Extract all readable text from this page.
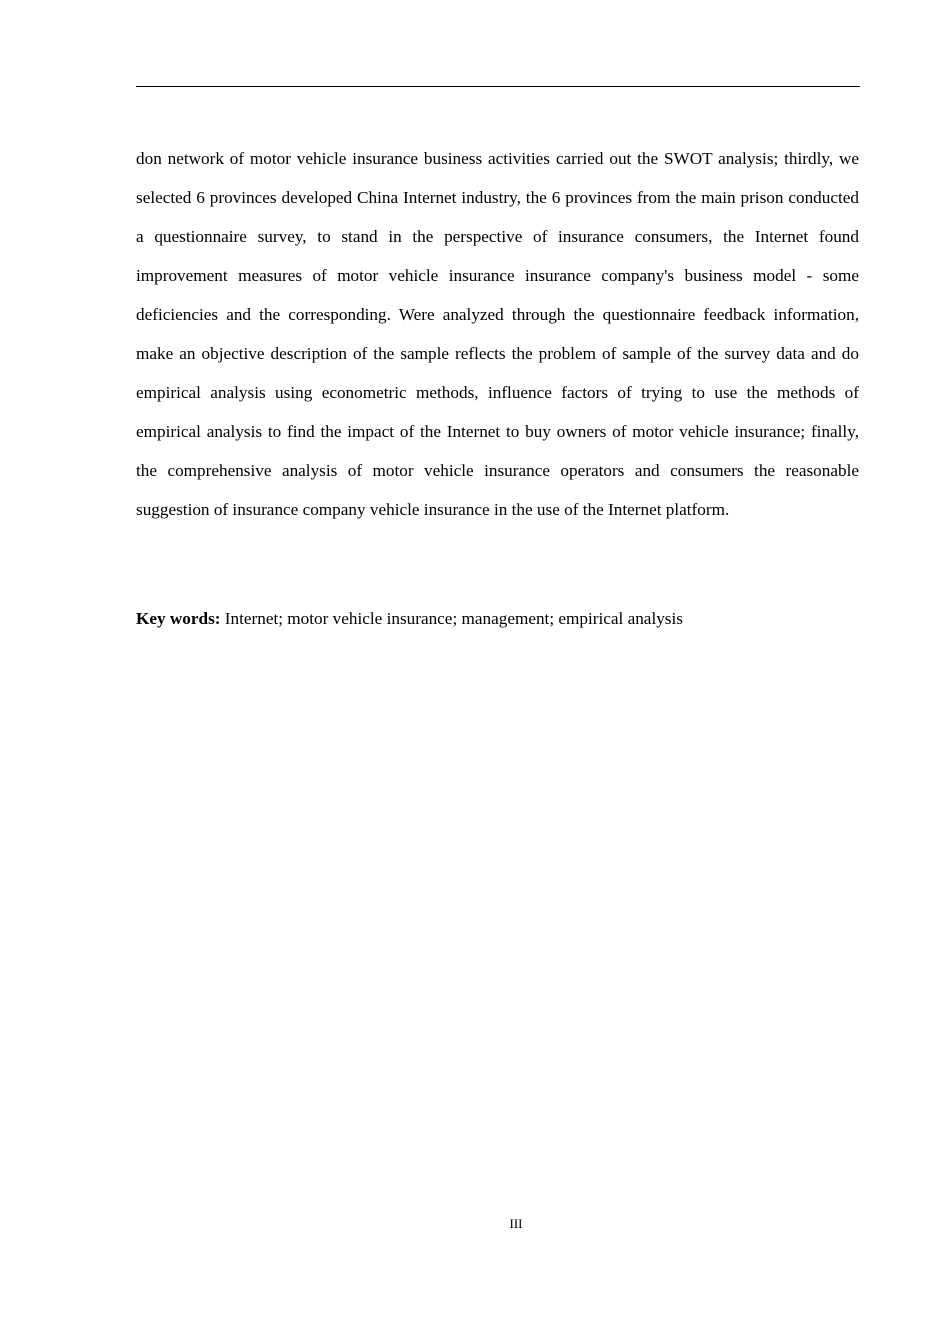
don network of motor vehicle insurance business activities carried out the SWOT analysis; thirdly, we selected 6 provinces developed China Internet industry, the 6 provinces from the main prison conducted a questionnaire survey, to stand in the perspective of insurance consumers, the Internet found improvement measures of motor vehicle insurance insurance company's business model - some deficiencies and the corresponding. Were analyzed through the questionnaire feedback information, make an objective description of the sample reflects the problem of sample of the survey data and do empirical analysis using econometric methods, influence factors of trying to use the methods of empirical analysis to find the impact of the Internet to buy owners of motor vehicle insurance; finally, the comprehensive analysis of motor vehicle insurance operators and consumers the reasonable suggestion of insurance company vehicle insurance in the use of the Internet platform.

Key words: Internet; motor vehicle insurance; management; empirical analysis

III
